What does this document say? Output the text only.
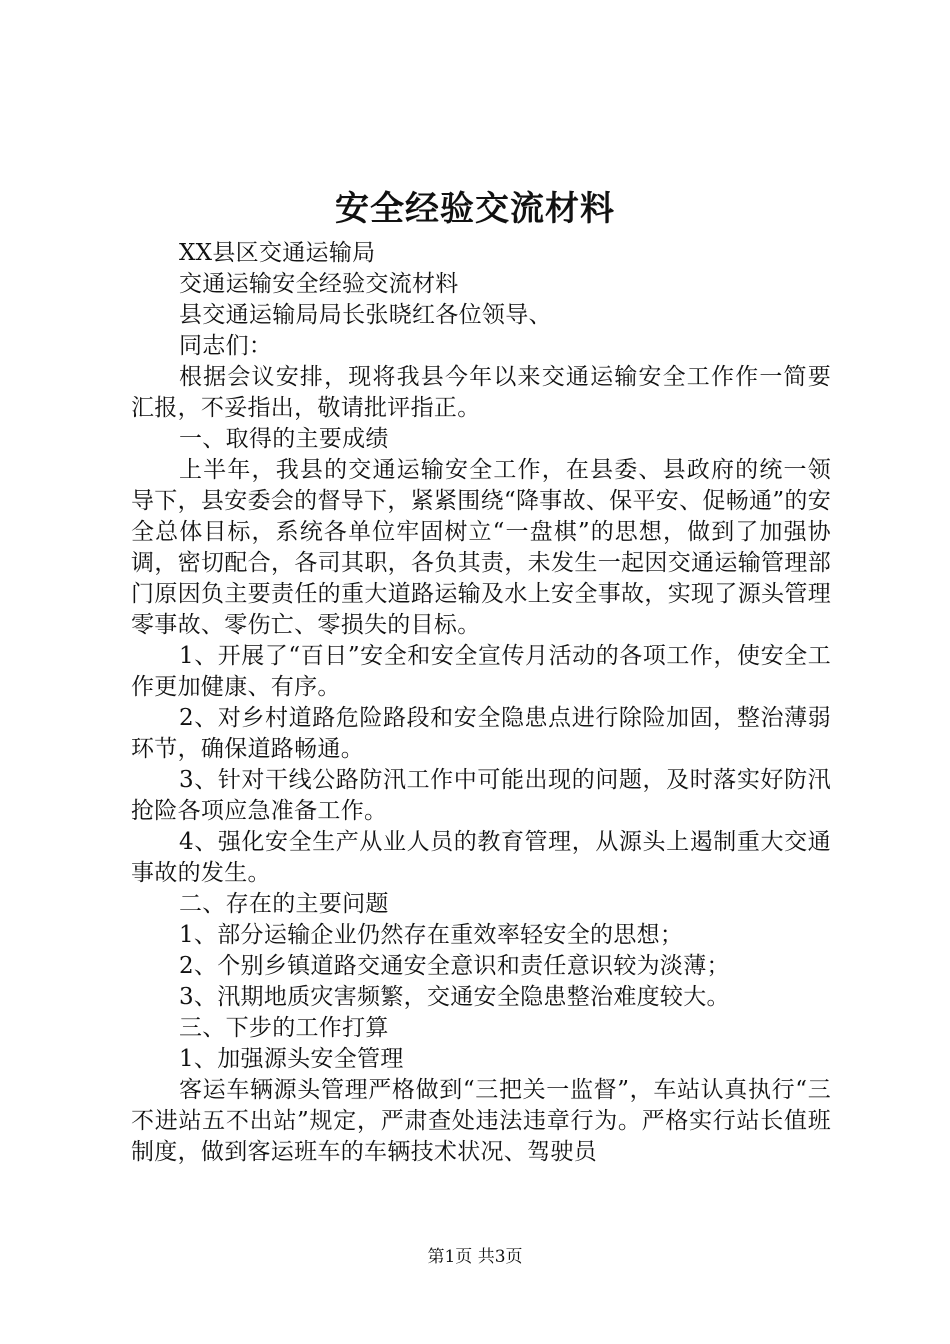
安全经验交流材料

XX县区交通运输局

交通运输安全经验交流材料

县交通运输局局长张晓红各位领导、

同志们：

根据会议安排，现将我县今年以来交通运输安全工作作一简要汇报，不妥指出，敬请批评指正。

一、取得的主要成绩

上半年，我县的交通运输安全工作，在县委、县政府的统一领导下，县安委会的督导下，紧紧围绕“降事故、保平安、促畅通”的安全总体目标，系统各单位牢固树立“一盘棋”的思想，做到了加强协调，密切配合，各司其职，各负其责，未发生一起因交通运输管理部门原因负主要责任的重大道路运输及水上安全事故，实现了源头管理零事故、零伤亡、零损失的目标。

1、开展了“百日”安全和安全宣传月活动的各项工作，使安全工作更加健康、有序。

2、对乡村道路危险路段和安全隐患点进行除险加固，整治薄弱环节，确保道路畅通。

3、针对干线公路防汛工作中可能出现的问题，及时落实好防汛抢险各项应急准备工作。

4、强化安全生产从业人员的教育管理，从源头上遏制重大交通事故的发生。

二、存在的主要问题

1、部分运输企业仍然存在重效率轻安全的思想；

2、个别乡镇道路交通安全意识和责任意识较为淡薄；

3、汛期地质灾害频繁，交通安全隐患整治难度较大。

三、下步的工作打算

1、加强源头安全管理

客运车辆源头管理严格做到“三把关一监督”，车站认真执行“三不进站五不出站”规定，严肃查处违法违章行为。严格实行站长值班制度，做到客运班车的车辆技术状况、驾驶员

第1页 共3页
